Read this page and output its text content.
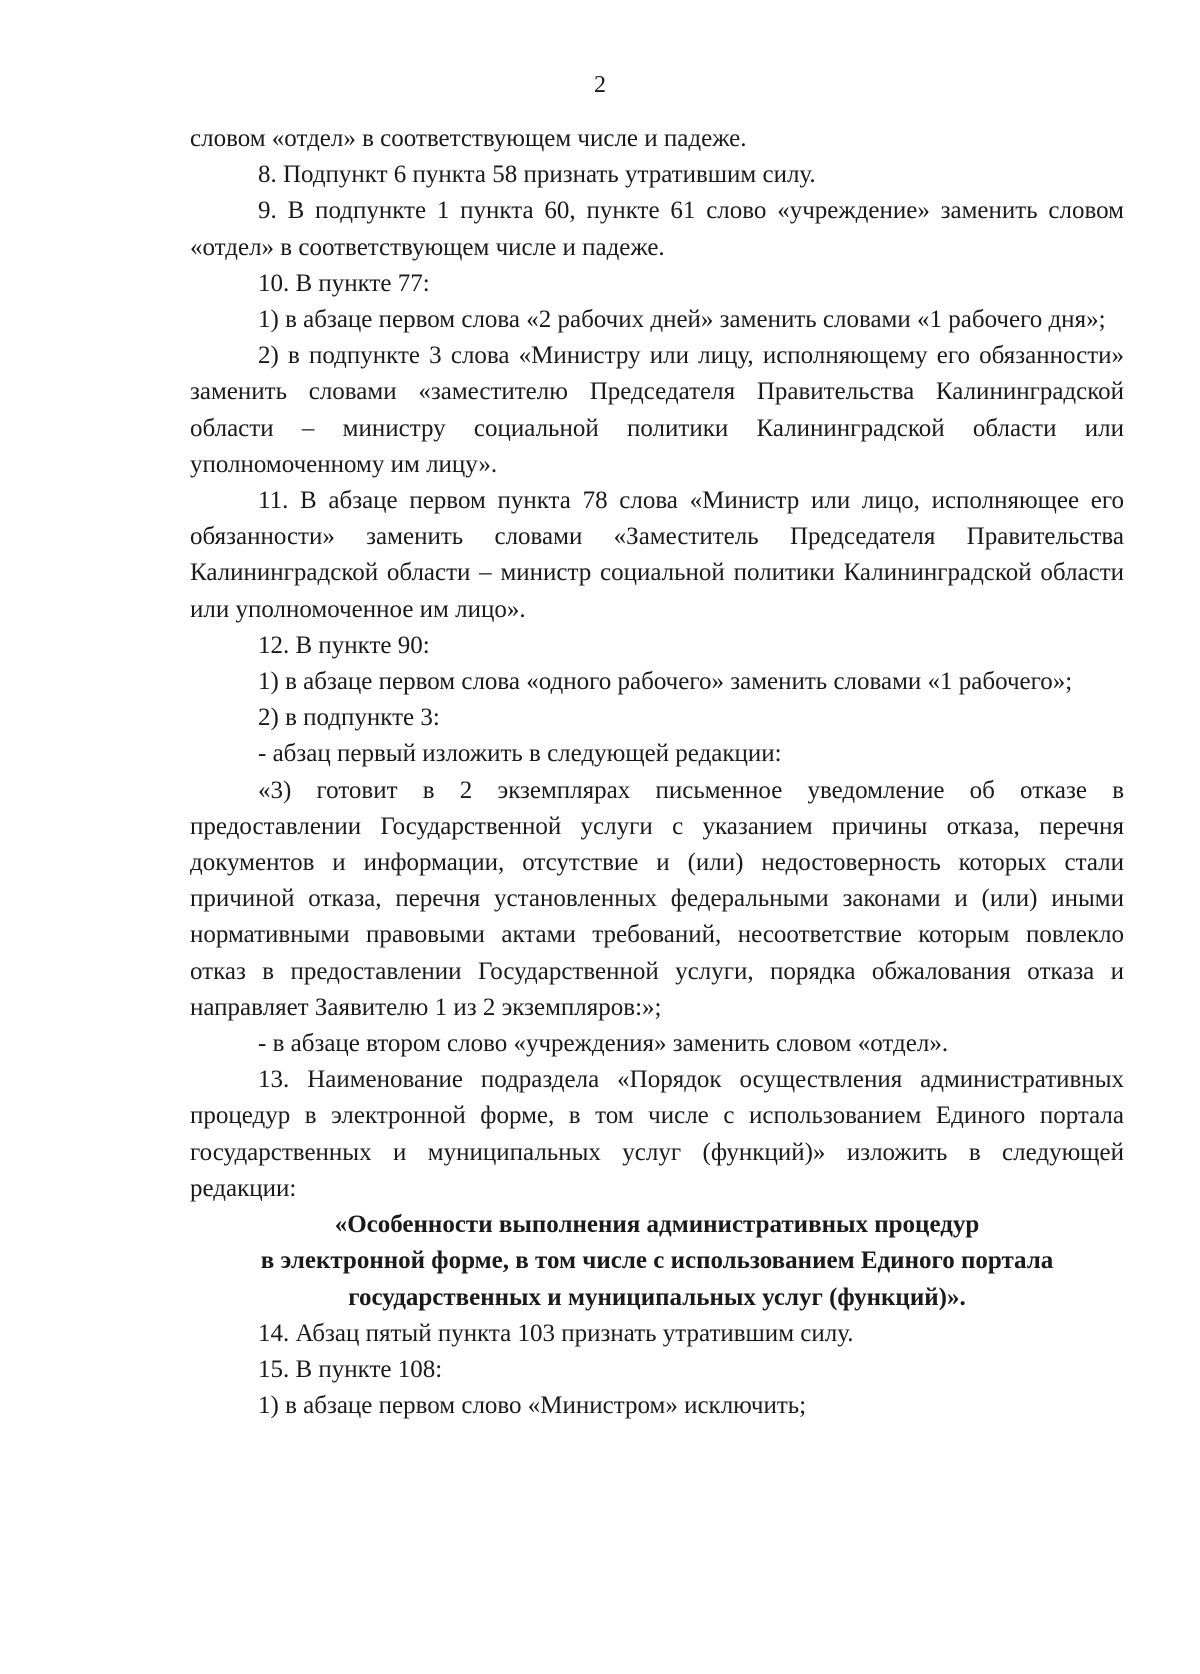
2

словом «отдел» в соответствующем числе и падеже.

8. Подпункт 6 пункта 58 признать утратившим силу.

9. В подпункте 1 пункта 60, пункте 61 слово «учреждение» заменить словом «отдел» в соответствующем числе и падеже.

10. В пункте 77:

1) в абзаце первом слова «2 рабочих дней» заменить словами «1 рабочего дня»;

2) в подпункте 3 слова «Министру или лицу, исполняющему его обязанности» заменить словами «заместителю Председателя Правительства Калининградской области – министру социальной политики Калининградской области или уполномоченному им лицу».

11. В абзаце первом пункта 78 слова «Министр или лицо, исполняющее его обязанности» заменить словами «Заместитель Председателя Правительства Калининградской области – министр социальной политики Калининградской области или уполномоченное им лицо».

12. В пункте 90:

1) в абзаце первом слова «одного рабочего» заменить словами «1 рабочего»;

2) в подпункте 3:

- абзац первый изложить в следующей редакции:

«3) готовит в 2 экземплярах письменное уведомление об отказе в предоставлении Государственной услуги с указанием причины отказа, перечня документов и информации, отсутствие и (или) недостоверность которых стали причиной отказа, перечня установленных федеральными законами и (или) иными нормативными правовыми актами требований, несоответствие которым повлекло отказ в предоставлении Государственной услуги, порядка обжалования отказа и направляет Заявителю 1 из 2 экземпляров:»;

- в абзаце втором слово «учреждения» заменить словом «отдел».

13. Наименование подраздела «Порядок осуществления административных процедур в электронной форме, в том числе с использованием Единого портала государственных и муниципальных услуг (функций)» изложить в следующей редакции:

«Особенности выполнения административных процедур
в электронной форме, в том числе с использованием Единого портала
государственных и муниципальных услуг (функций)».

14. Абзац пятый пункта 103 признать утратившим силу.

15. В пункте 108:

1) в абзаце первом слово «Министром» исключить;
